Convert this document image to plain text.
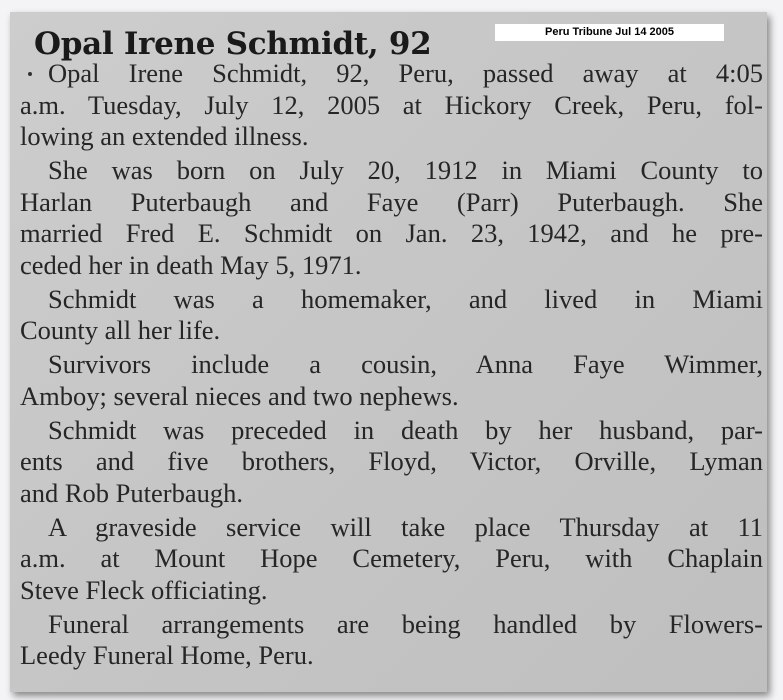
Opal Irene Schmidt, 92	Peru Tribune Jul 14 2005
Opal Irene Schmidt, 92, Peru, passed away at 4:05
a.m. Tuesday, July 12, 2005 at Hickory Creek, Peru, fol-
lowing an extended illness.
She was born on July 20, 1912 in Miami County to
Harlan Puterbaugh and Faye (Parr) Puterbaugh. She
married Fred E. Schmidt on Jan. 23, 1942, and he pre-
ceded her in death May 5, 1971.
Schmidt was a homemaker, and lived in Miami
County all her life.
Survivors include a cousin, Anna Faye Wimmer,
Amboy; several nieces and two nephews.
Schmidt was preceded in death by her husband, par-
ents and five brothers, Floyd, Victor, Orville, Lyman
and Rob Puterbaugh.
A graveside service will take place Thursday at 11
a.m. at Mount Hope Cemetery, Peru, with Chaplain
Steve Fleck officiating.
Funeral arrangements are being handled by Flowers-
Leedy Funeral Home, Peru.
